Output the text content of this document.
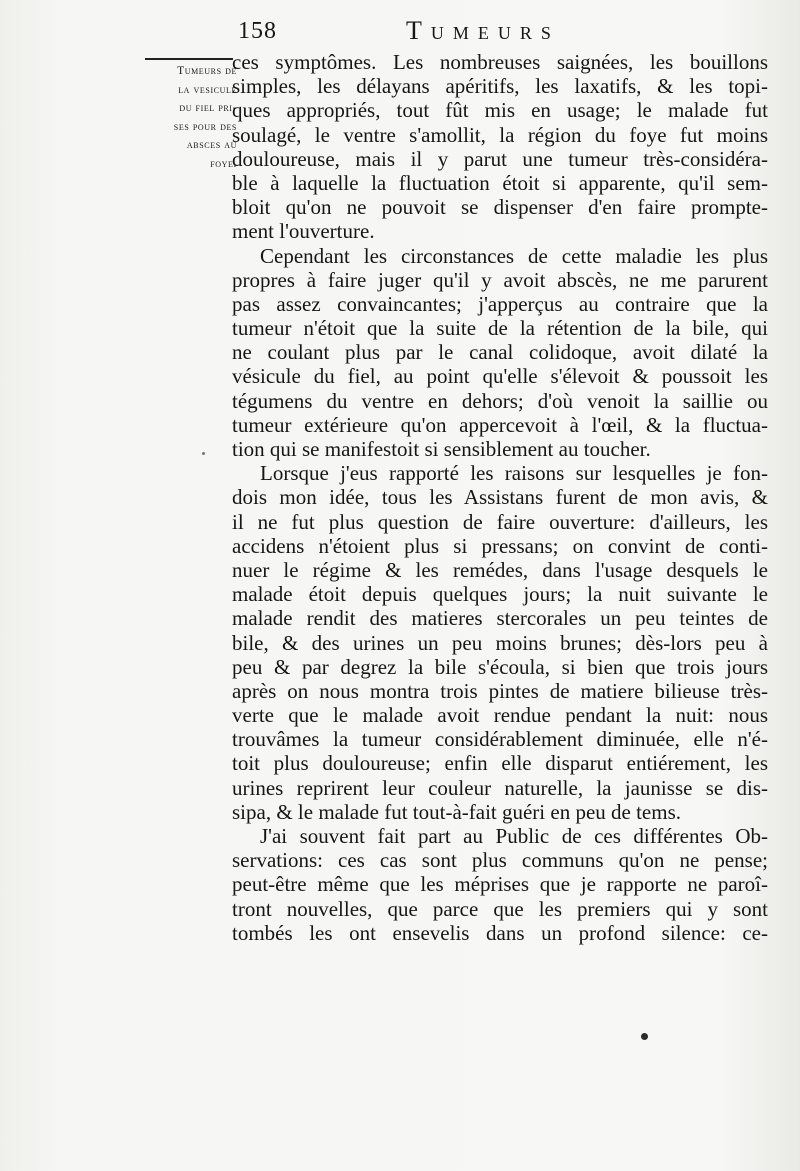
158	Tumeurs
Tumeurs de
la vesicule
du fiel pri-
ses pour des
absces au
foye.
ces symptômes. Les nombreuses saignées, les bouillons
simples, les délayans apéritifs, les laxatifs, & les topi-
ques appropriés, tout fût mis en usage; le malade fut
soulagé, le ventre s'amollit, la région du foye fut moins
douloureuse, mais il y parut une tumeur très-considéra-
ble à laquelle la fluctuation étoit si apparente, qu'il sem-
bloit qu'on ne pouvoit se dispenser d'en faire prompte-
ment l'ouverture.
Cependant les circonstances de cette maladie les plus
propres à faire juger qu'il y avoit abscès, ne me parurent
pas assez convaincantes; j'apperçus au contraire que la
tumeur n'étoit que la suite de la rétention de la bile, qui
ne coulant plus par le canal colidoque, avoit dilaté la
vésicule du fiel, au point qu'elle s'élevoit & poussoit les
tégumens du ventre en dehors; d'où venoit la saillie ou
tumeur extérieure qu'on appercevoit à l'œil, & la fluctua-
tion qui se manifestoit si sensiblement au toucher.
Lorsque j'eus rapporté les raisons sur lesquelles je fon-
dois mon idée, tous les Assistans furent de mon avis, &
il ne fut plus question de faire ouverture: d'ailleurs, les
accidens n'étoient plus si pressans; on convint de conti-
nuer le régime & les remédes, dans l'usage desquels le
malade étoit depuis quelques jours; la nuit suivante le
malade rendit des matieres stercorales un peu teintes de
bile, & des urines un peu moins brunes; dès-lors peu à
peu & par degrez la bile s'écoula, si bien que trois jours
après on nous montra trois pintes de matiere bilieuse très-
verte que le malade avoit rendue pendant la nuit: nous
trouvâmes la tumeur considérablement diminuée, elle n'é-
toit plus douloureuse; enfin elle disparut entiérement, les
urines reprirent leur couleur naturelle, la jaunisse se dis-
sipa, & le malade fut tout-à-fait guéri en peu de tems.
J'ai souvent fait part au Public de ces différentes Ob-
servations: ces cas sont plus communs qu'on ne pense;
peut-être même que les méprises que je rapporte ne paroî-
tront nouvelles, que parce que les premiers qui y sont
tombés les ont ensevelis dans un profond silence: ce-
